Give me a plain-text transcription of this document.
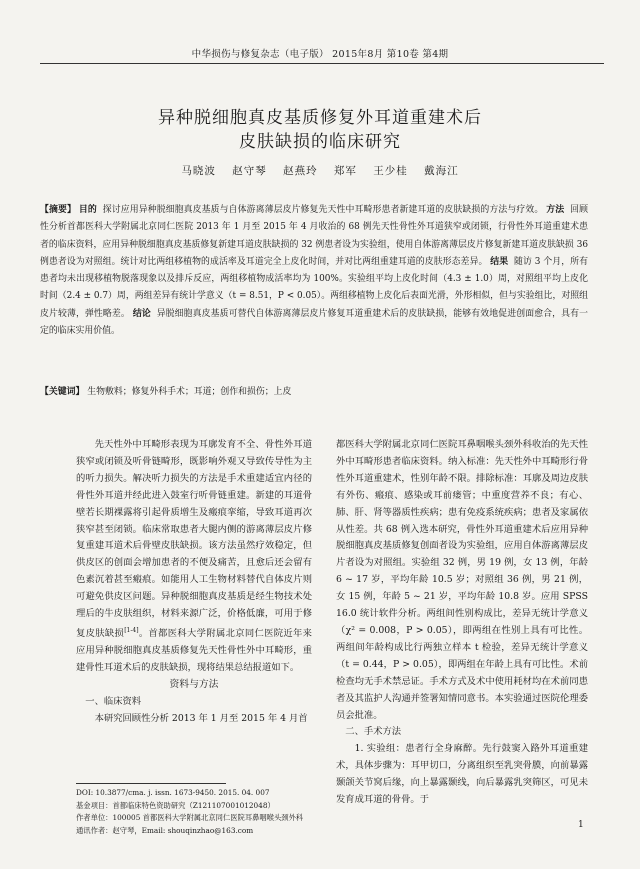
中华损伤与修复杂志（电子版） 2015年8月 第10卷 第4期
异种脱细胞真皮基质修复外耳道重建术后
皮肤缺损的临床研究
马晓波 赵守琴 赵燕玲 郑军 王少桂 戴海江

【摘要】 目的 探讨应用异种脱细胞真皮基质与自体游离薄层皮片修复先天性中耳畸形患者新建耳道的皮肤缺损的方法与疗效。 方法 回顾性分析首都医科大学附属北京同仁医院 2013 年 1 月至 2015 年 4 月收治的 68 例先天性骨性外耳道狭窄或闭锁，行骨性外耳道重建术患者的临床资料，应用异种脱细胞真皮基质修复新建耳道皮肤缺损的 32 例患者设为实验组，使用自体游离薄层皮片修复新建耳道皮肤缺损 36 例患者设为对照组。统计对比两组移植物的成活率及耳道完全上皮化时间，并对比两组重建耳道的皮肤形态差异。 结果 随访 3 个月，所有患者均未出现移植物脱落现象以及排斥反应，两组移植物成活率均为 100%。实验组平均上皮化时间（4.3 ± 1.0）周，对照组平均上皮化时间（2.4 ± 0.7）周，两组差异有统计学意义（t = 8.51，P < 0.05）。两组移植物上皮化后表面光滑，外形相似，但与实验组比，对照组皮片较薄，弹性略差。 结论 异脱细胞真皮基质可替代自体游离薄层皮片修复耳道重建术后的皮肤缺损，能够有效地促进创面愈合，具有一定的临床实用价值。

【关键词】 生物敷料；修复外科手术；耳道；创作和损伤；上皮

先天性外中耳畸形表现为耳廓发育不全、骨性外耳道狭窄或闭锁及听骨链畸形，既影响外观又导致传导性为主的听力损失。解决听力损失的方法是手术重建适宜内径的骨性外耳道并经此进入鼓室行听骨链重建。新建的耳道骨壁若长期裸露将引起骨质增生及瘢痕挛缩，导致耳道再次狭窄甚至闭锁。临床常取患者大腿内侧的游离薄层皮片修复重建耳道术后骨壁皮肤缺损。该方法虽然疗效稳定，但供皮区的创面会增加患者的不便及痛苦，且愈后还会留有色素沉着甚至瘢痕。如能用人工生物材料替代自体皮片则可避免供皮区问题。异种脱细胞真皮基质是经生物技术处理后的牛皮肤组织，材料来源广泛，价格低廉，可用于修复皮肤缺损[1-4]。首都医科大学附属北京同仁医院近年来应用异种脱细胞真皮基质修复先天性骨性外中耳畸形，重建骨性耳道术后的皮肤缺损，现将结果总结报道如下。

资料与方法

一、临床资料

本研究回顾性分析 2013 年 1 月至 2015 年 4 月首

都医科大学附属北京同仁医院耳鼻咽喉头颈外科收治的先天性外中耳畸形患者临床资料。纳入标准：先天性外中耳畸形行骨性外耳道重建术，性别年龄不限。排除标准：耳廓及周边皮肤有外伤、瘢痕、感染或耳前瘘管；中重度营养不良；有心、肺、肝、肾等器质性疾病；患有免疫系统疾病；患者及家属依从性差。共 68 例入选本研究，骨性外耳道重建术后应用异种脱细胞真皮基质修复创面者设为实验组，应用自体游离薄层皮片者设为对照组。实验组 32 例，男 19 例，女 13 例，年龄 6 ~ 17 岁，平均年龄 10.5 岁；对照组 36 例，男 21 例，女 15 例，年龄 5 ~ 21 岁，平均年龄 10.8 岁。应用 SPSS 16.0 统计软件分析。两组间性别构成比，差异无统计学意义（χ² = 0.008，P > 0.05），即两组在性别上具有可比性。两组间年龄构成比行两独立样本 t 检验，差异无统计学意义（t = 0.44，P > 0.05），即两组在年龄上具有可比性。术前检查均无手术禁忌证。手术方式及术中使用耗材均在术前同患者及其监护人沟通并签署知情同意书。本实验通过医院伦理委员会批准。

二、手术方法

1. 实验组：患者行全身麻醉。先行鼓窦入路外耳道重建术，具体步骤为：耳甲切口，分离组织至乳突骨膜，向前暴露颞颌关节窝后缘，向上暴露颞线，向后暴露乳突筛区，可见未发育成耳道的骨骨。于

DOI: 10.3877/cma. j. issn. 1673-9450. 2015. 04. 007
基金项目：首都临床特色资助研究（Z121107001012048）
作者单位：100005 首都医科大学附属北京同仁医院耳鼻咽喉头颈外科
通讯作者：赵守琴，Email: shouqinzhao@163.com	1
